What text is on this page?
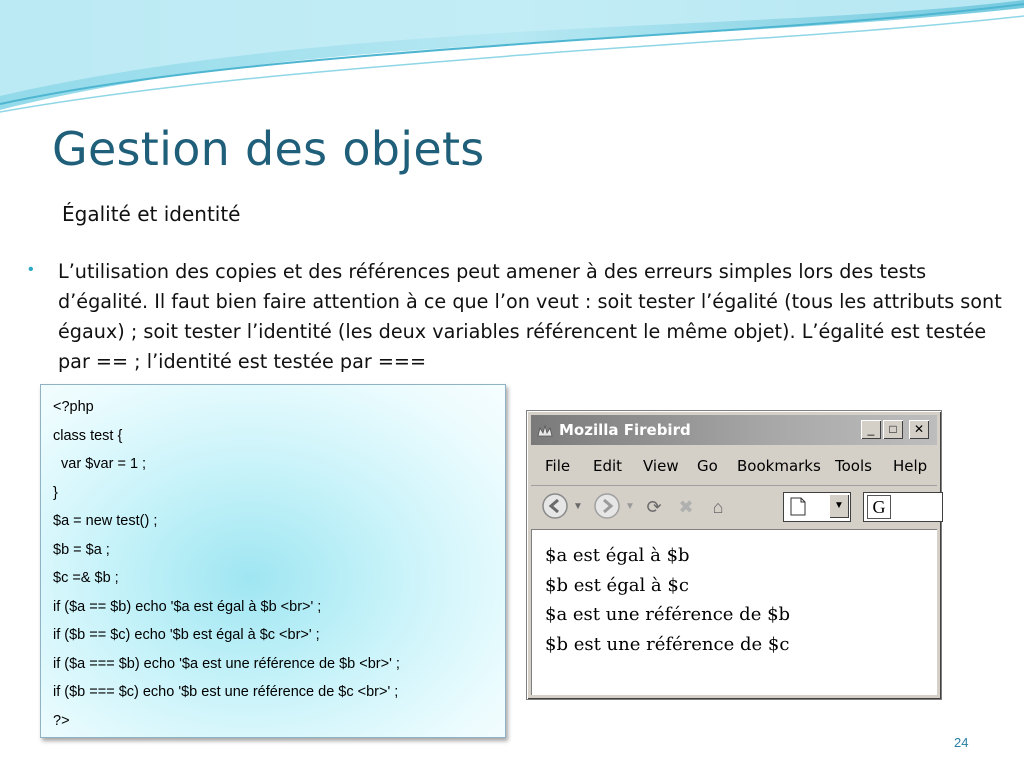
Gestion des objets
Égalité et identité
• L’utilisation des copies et des références peut amener à des erreurs simples lors des tests d’égalité. Il faut bien faire attention à ce que l’on veut : soit tester l’égalité (tous les attributs sont égaux) ; soit tester l’identité (les deux variables référencent le même objet). L’égalité est testée par == ; l’identité est testée par ===
<?php
class test {
var $var = 1 ;
}
$a = new test() ;
$b = $a ;
$c =& $b ;
if ($a == $b) echo '$a est égal à $b <br>' ;
if ($b == $c) echo '$b est égal à $c <br>' ;
if ($a === $b) echo '$a est une référence de $b <br>' ;
if ($b === $c) echo '$b est une référence de $c <br>' ;
?>
Mozilla Firebird	_	□	✕
File Edit View Go Bookmarks Tools Help
▼	▼ ⟳ ✖	⌂	▼	G
$a est égal à $b
$b est égal à $c
$a est une référence de $b
$b est une référence de $c
24
